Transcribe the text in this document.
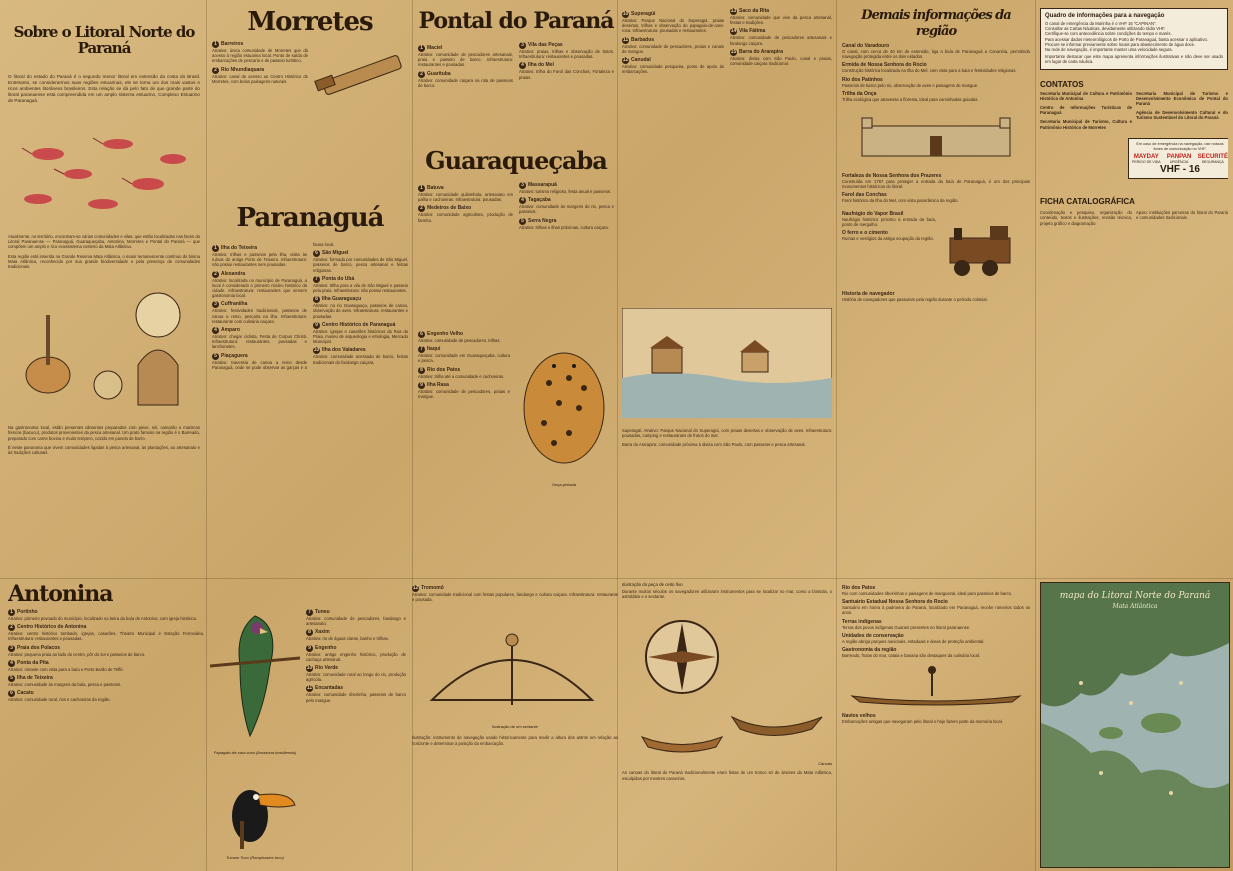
Sobre o Litoral Norte do Paraná
O litoral do estado do Paraná é o segundo menor litoral em extensão da costa do Brasil. Entretanto, se considerarmos suas regiões estuarinas, ele se torna um dos mais vastos e ricos ambientes litorâneos brasileiros. Esta relação se dá pelo fato de que grande parte do litoral paranaense está compreendida em um amplo sistema estuarino, Complexo Estuarino de Paranaguá.
Atualmente, no território, encontram-se várias comunidades e vilas, que estão localizadas nas faces do Litoral Paranaense — Paranaguá, Guaraqueçaba, Antonina, Morretes e Pontal do Paraná — que compõem um amplo e rico ecossistema costeiro da Mata Atlântica.
Esta região está inserida na Grande Reserva Mata Atlântica, o maior remanescente contínuo do bioma Mata Atlântica, reconhecido por sua grande biodiversidade e pela presença de comunidades tradicionais.
Na gastronomia local, estão presentes alimentos preparados com peixe, siri, camarão e mariscos frescos (bacucu), produtos provenientes da pesca artesanal. Um prato famoso na região é o Barreado, preparado com carne bovina e muito tempero, cozido em panela de barro.
É neste panorama que vivem comunidades ligadas à pesca artesanal, às plantações, ao artesanato e às tradições culturais.
Morretes
1 Barreiros
Atrativo: única comunidade de Morretes que dá acesso à região estuarina local. Ponto de saída de embarcações de pescaria e de passeio turístico.
2 Rio Nhundiaquara
Atrativo: canal de acesso ao Centro Histórico de Morretes, com belas paisagens naturais.
Paranaguá
1 Ilha do Teixeira
Atrativo: trilhas e passeios pela ilha, visita às ruínas do antigo Porto de Teixeira. Infraestrutura: não possui restaurantes nem pousadas.
2 Alexandra
Atrativo: localizada no município de Paranaguá, a local é considerado o primeiro núcleo histórico da cidade. Infraestrutura: restaurantes que servem gastronomia local.
3 Cuffraniiha
Atrativo: festividades tradicionais, passeios de canoa a remo, pescaria na ilha. Infraestrutura: restaurante com culinária caiçara.
4 Amparo
Atrativo: chegar ciclista, Festa de Corpus Christi. Infraestrutura: restaurantes, pousadas e lanchonetes.
5 Piaçaguera
Atrativo: travessia de canoa a remo desde Paranaguá, onde se pode observar as garças e a fauna local.
6 São Miguel
Atrativo: formada por comunidades de São Miguel, passeios de barco, pesca artesanal e festas religiosas.
7 Ponta do Ubá
Atrativo: trilha para a vila de São Miguel e passeio pela praia. Infraestrutura: não possui restaurantes.
8 Ilha Guaraguaçu
Atrativo: no rio Guaraguaçu, passeios de canoa, observação de aves. Infraestrutura: restaurantes e pousadas.
9 Centro Histórico de Paranaguá
Atrativo: igrejas e casarões históricos da Rua da Praia, museu de arqueologia e etnologia, Mercado Municipal.
10 Ilha dos Valadares
Atrativo: comunidade acessada de barco, festas tradicionais do fandango caiçara.
Pontal do Paraná
1 Maciel
Atrativo: comunidade de pescadores artesanais, praia e passeio de barco. Infraestrutura: restaurantes e pousadas.
2 Guarituba
Atrativo: comunidade caiçara na rota de passeios de barco.
3 Vila das Peças
Atrativo: praias, trilhas e observação de botos. Infraestrutura: restaurantes e pousadas.
4 Ilha do Mel
Atrativo: trilha do Farol das Conchas, Fortaleza e praias.
Guaraqueçaba
1 Batuva
Atrativo: comunidade quilombola, artesanato em palha e cachoeiras. Infraestrutura: pousadas.
2 Medeiros de Baixo
Atrativo: comunidade agricultora, produção de farinha.
3 Massarapuã
Atrativo: turismo religioso, festa anual e passeios.
4 Tagaçaba
Atrativo: comunidade às margens do rio, pesca e passeios.
5 Serra Negra
Atrativo: trilhas e ilhas próximas, cultura caiçara.
6 Engenho Velho
Atrativo: comunidade de pescadores, trilhas.
7 Itaqui
Atrativo: comunidade em Guaraqueçaba, cultura e pesca.
8 Rio dos Patos
Atrativo: trilha até a comunidade e cachoeiras.
9 Ilha Rasa
Atrativo: comunidade de pescadores, praias e mangue.
Onça-pintada
10 Superagüi
Atrativo: Parque Nacional do Superagüi, praias desertas, trilhas e observação do papagaio-de-cara-roxa. Infraestrutura: pousadas e restaurantes.
11 Barbados
Atrativo: comunidade de pescadores, praias e canais de mangue.
12 Canudal
Atrativo: comunidade pesqueira, ponto de apoio às embarcações.
13 Saco da Rita
Atrativo: comunidade que vive da pesca artesanal, festas e tradições.
14 Vila Fátima
Atrativo: comunidade de pescadores artesanais e fandango caiçara.
15 Barra do Ararapira
Atrativo: divisa com São Paulo, canal e praias, comunidade caiçara tradicional.
Superagüi: Atrativo: Parque Nacional do Superagüi, com praias desertas e observação de aves. Infraestrutura: pousadas, camping e restaurantes de frutos do mar.
Barra do Ararapira: comunidade próxima à divisa com São Paulo, com passeios e pesca artesanal.
Demais informações da região
Canal do Varadouro
O canal, com cerca de 40 km de extensão, liga a baía de Paranaguá a Cananéia, permitindo navegação protegida entre os dois estados.
Ermida de Nossa Senhora do Rocio
Construção histórica localizada na Ilha do Mel, com vista para a baía e festividades religiosas.
Rio dos Patinhos
Passeios de barco pelo rio, observação de aves e paisagens de mangue.
Trilha da Onça
Trilha ecológica que atravessa a floresta, ideal para caminhadas guiadas.
Fortaleza de Nossa Senhora dos Prazeres
Construída em 1767 para proteger a entrada da baía de Paranaguá, é um dos principais monumentos históricos do litoral.
Farol das Conchas
Farol histórico da Ilha do Mel, com vista panorâmica da região.
Naufrágio do Vapor Brasil
Naufrágio histórico próximo à entrada da baía, ponto de mergulho.
O ferro e o cimento
Ruínas e vestígios da antiga ocupação da região.
Historia de navegador
História de navegadores que passaram pela região durante o período colonial.
Quadro de informações para a navegação
O canal de emergência da Marinha é o VHF 16 "CAPINAN".
Consultar as Cartas Náuticas, devidamente utilizando rádio VHF.
Certifique-se com antecedência sobre condições do tempo e marés.
Para acessar dados meteorológicos de Porto de Paranaguá, basta acessar o aplicativo.
Procure se informar previamente sobre locais para abastecimento de água doce.
Na rede de navegação, é importante manter uma velocidade segura.
Importante destacar que este mapa apresenta informações ilustrativas e não deve ser usado em lugar de carta náutica.
CONTATOS
Secretaria Municipal de Cultura e Patrimônio Histórico de Antonina
Centro de Informações Turísticas de Paranaguá
Secretaria Municipal de Turismo, Cultura e Patrimônio Histórico de Morretes
Secretaria Municipal de Turismo e Desenvolvimento Econômico de Pontal do Paraná
Agência de Desenvolvimento Cultural e do Turismo Sustentável do Litoral do Paraná
Em caso de emergência na navegação, use nossos fones de comunicação no VHF:
MAYDAY
PERIGO DE VIDA
PANPAN
URGÊNCIA
SECURITÉ
SEGURANÇA
VHF - 16
FICHA CATALOGRÁFICA
Coordenação e pesquisa, organização do conteúdo, textos e ilustrações, revisão técnica, projeto gráfico e diagramação.
Apoio: instituições parceiras do litoral do Paraná e comunidades tradicionais.
Antonina
1 Portinho
Atrativo: primeiro povoado do município, localizado na beira da baía de Antonina, com igreja histórica.
2 Centro Histórico de Antonina
Atrativo: centro histórico tombado, igrejas, casarões, Theatro Municipal e Estação Ferroviária. Infraestrutura: restaurantes e pousadas.
3 Praia dos Polacos
Atrativo: pequena praia ao lado do centro, pôr do sol e passeios de barco.
4 Ponta da Pita
Atrativo: mirante com vista para a baía e Porto Barão de Teffé.
5 Ilha de Teixeira
Atrativo: comunidade às margens da baía, pesca e passeios.
6 Cacatu
Atrativo: comunidade rural, rios e cachoeiras da região.
Papagaio-de-cara-roxa (Amazona brasiliensis)
Tucano Toco (Ramphastos toco)
7 Tuneu
Atrativo: comunidade de pescadores, fandango e artesanato.
8 Xaxim
Atrativo: rio de águas claras, banho e trilhas.
9 Engenho
Atrativo: antigo engenho histórico, produção de cachaça artesanal.
10 Rio Verde
Atrativo: comunidade rural ao longo do rio, produção agrícola.
11 Encantadas
Atrativo: comunidade ribeirinha, passeios de barco pelo mangue.
12 Tromomô
Atrativo: comunidade tradicional com festas populares, fandango e cultura caiçara. Infraestrutura: restaurante e pousada.
Ilustração de um sextante
Ilustração: instrumento de navegação usado historicamente para medir a altura dos astros em relação ao horizonte e determinar a posição da embarcação.
Ilustração da peça de ceito fixo
Durante muitos séculos os navegadores utilizaram instrumentos para se localizar no mar, como a bússola, o astrolábio e o sextante.
Canoas
As canoas do litoral do Paraná tradicionalmente eram feitas de um tronco só de árvores da Mata Atlântica, esculpidas por mestres canoeiros.
Rio dos Patos
Rio com comunidades ribeirinhas e paisagens de manguezal, ideal para passeios de barco.
Santuário Estadual Nossa Senhora do Rocio
Santuário em honra à padroeira do Paraná, localizado em Paranaguá, recebe romeiros todos os anos.
Terras indígenas
Terras dos povos indígenas Guarani presentes no litoral paranaense.
Unidades de conservação
A região abriga parques nacionais, estaduais e áreas de proteção ambiental.
Gastronomia da região
Barreado, frutos do mar, cataia e banana são destaques da culinária local.
Navios velhos
Embarcações antigas que navegaram pelo litoral e hoje fazem parte da memória local.
mapa do Litoral Norte do Paraná
Mata Atlântica
